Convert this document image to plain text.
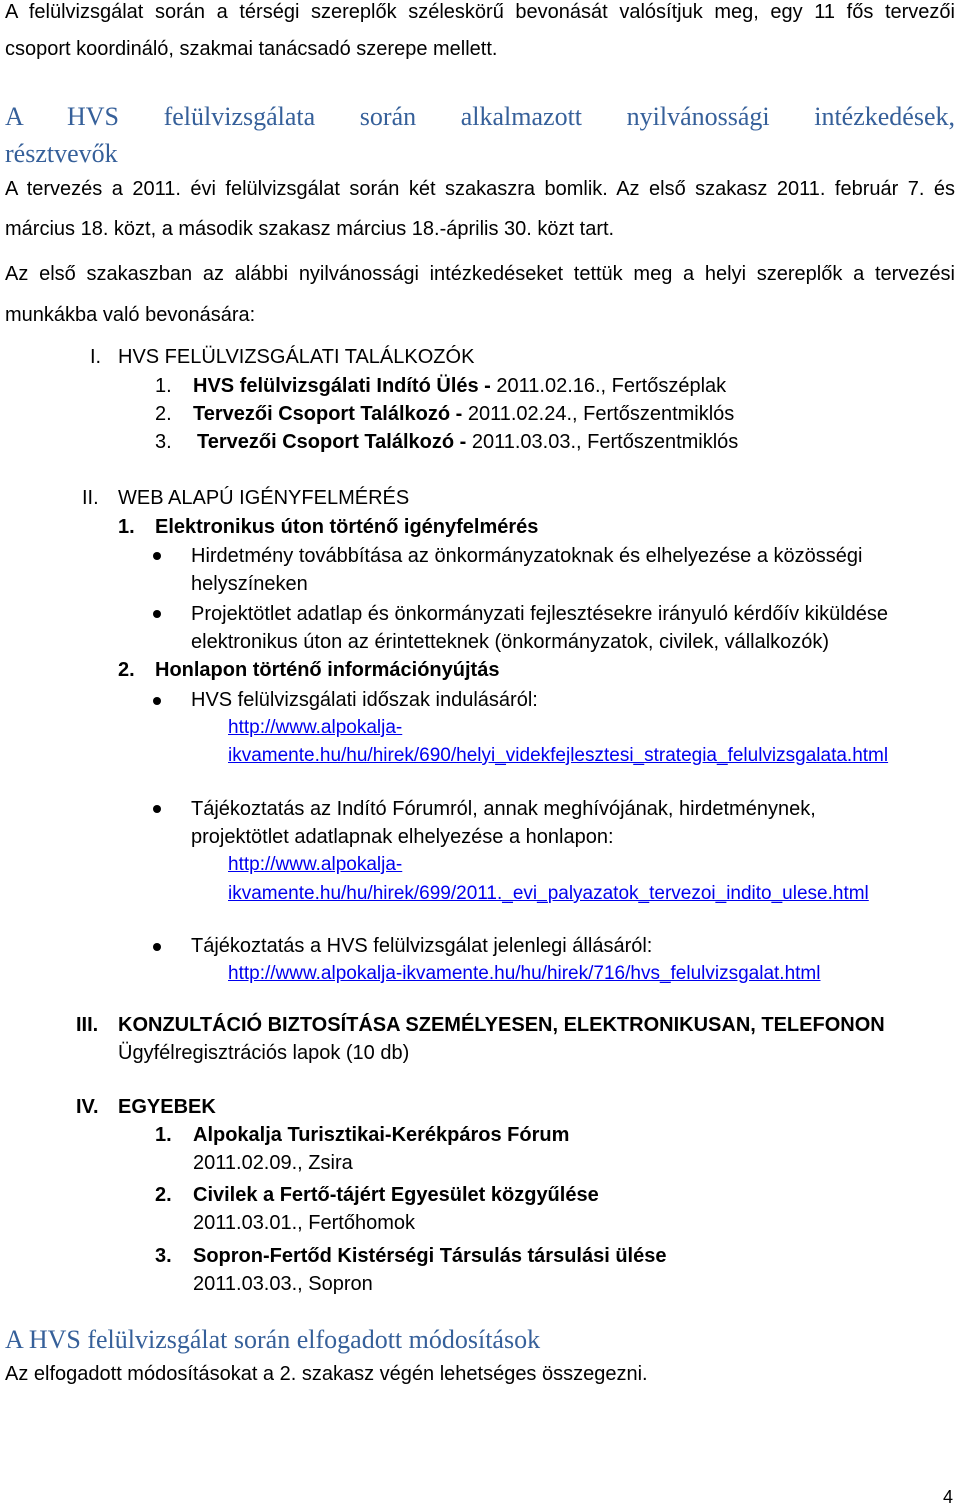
A felülvizsgálat során a térségi szereplők széleskörű bevonását valósítjuk meg, egy 11 fős tervezői
csoport koordináló, szakmai tanácsadó szerepe mellett.
A HVS felülvizsgálata során alkalmazott nyilvánossági intézkedések,
résztvevők
A tervezés a 2011. évi felülvizsgálat során két szakaszra bomlik. Az első szakasz 2011. február 7. és
március 18. közt, a második szakasz március 18.-április 30. közt tart.
Az első szakaszban az alábbi nyilvánossági intézkedéseket tettük meg a helyi szereplők a tervezési
munkákba való bevonására:
I. HVS FELÜLVIZSGÁLATI TALÁLKOZÓK
1. HVS felülvizsgálati Indító Ülés - 2011.02.16., Fertőszéplak
2. Tervezői Csoport Találkozó - 2011.02.24., Fertőszentmiklós
3. Tervezői Csoport Találkozó - 2011.03.03., Fertőszentmiklós
II. WEB ALAPÚ IGÉNYFELMÉRÉS
1. Elektronikus úton történő igényfelmérés
Hirdetmény továbbítása az önkormányzatoknak és elhelyezése a közösségi
helyszíneken
Projektötlet adatlap és önkormányzati fejlesztésekre irányuló kérdőív kiküldése
elektronikus úton az érintetteknek (önkormányzatok, civilek, vállalkozók)
2. Honlapon történő információnyújtás
HVS felülvizsgálati időszak indulásáról:
http://www.alpokalja-
ikvamente.hu/hu/hirek/690/helyi_videkfejlesztesi_strategia_felulvizsgalata.html
Tájékoztatás az Indító Fórumról, annak meghívójának, hirdetménynek,
projektötlet adatlapnak elhelyezése a honlapon:
http://www.alpokalja-
ikvamente.hu/hu/hirek/699/2011._evi_palyazatok_tervezoi_indito_ulese.html
Tájékoztatás a HVS felülvizsgálat jelenlegi állásáról:
http://www.alpokalja-ikvamente.hu/hu/hirek/716/hvs_felulvizsgalat.html
III. KONZULTÁCIÓ BIZTOSÍTÁSA SZEMÉLYESEN, ELEKTRONIKUSAN, TELEFONON
Ügyfélregisztrációs lapok (10 db)
IV. EGYEBEK
1. Alpokalja Turisztikai-Kerékpáros Fórum
2011.02.09., Zsira
2. Civilek a Fertő-tájért Egyesület közgyűlése
2011.03.01., Fertőhomok
3. Sopron-Fertőd Kistérségi Társulás társulási ülése
2011.03.03., Sopron
A HVS felülvizsgálat során elfogadott módosítások
Az elfogadott módosításokat a 2. szakasz végén lehetséges összegezni.
4
